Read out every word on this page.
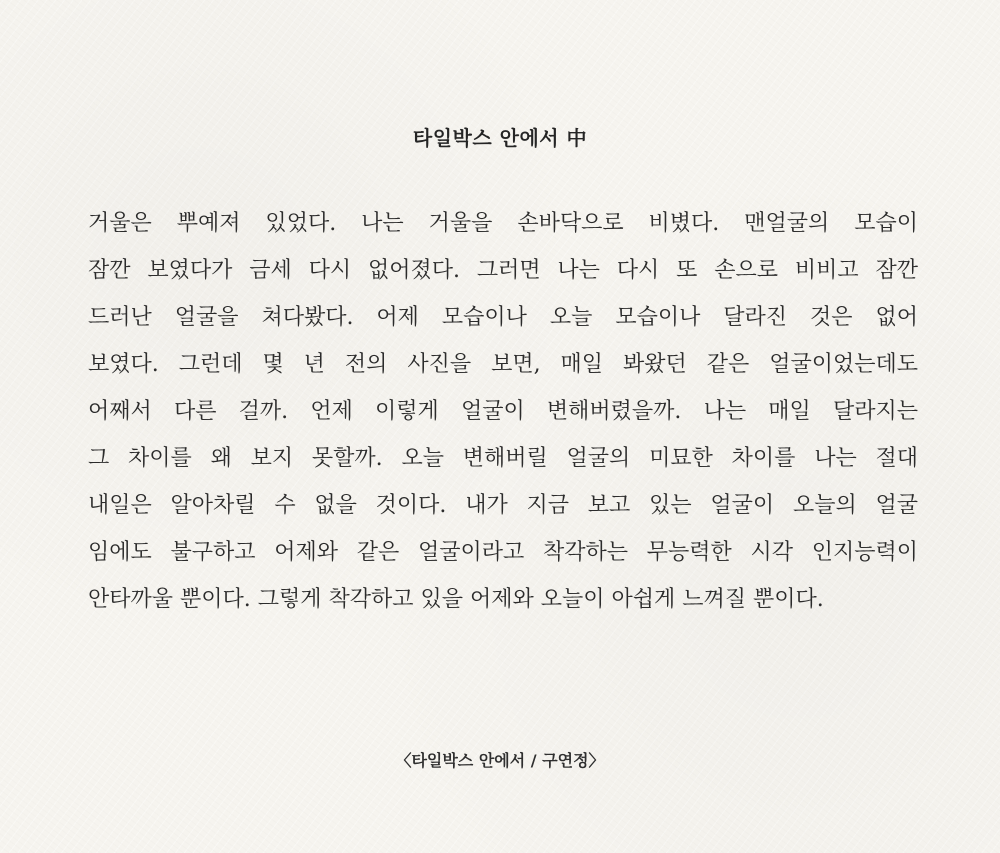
타일박스 안에서 中
거울은 뿌예져 있었다. 나는 거울을 손바닥으로 비볐다. 맨얼굴의 모습이
잠깐 보였다가 금세 다시 없어졌다. 그러면 나는 다시 또 손으로 비비고 잠깐
드러난 얼굴을 쳐다봤다. 어제 모습이나 오늘 모습이나 달라진 것은 없어
보였다. 그런데 몇 년 전의 사진을 보면, 매일 봐왔던 같은 얼굴이었는데도
어째서 다른 걸까. 언제 이렇게 얼굴이 변해버렸을까. 나는 매일 달라지는
그 차이를 왜 보지 못할까. 오늘 변해버릴 얼굴의 미묘한 차이를 나는 절대
내일은 알아차릴 수 없을 것이다. 내가 지금 보고 있는 얼굴이 오늘의 얼굴
임에도 불구하고 어제와 같은 얼굴이라고 착각하는 무능력한 시각 인지능력이
안타까울 뿐이다. 그렇게 착각하고 있을 어제와 오늘이 아쉽게 느껴질 뿐이다.

〈타일박스 안에서 / 구연정〉
